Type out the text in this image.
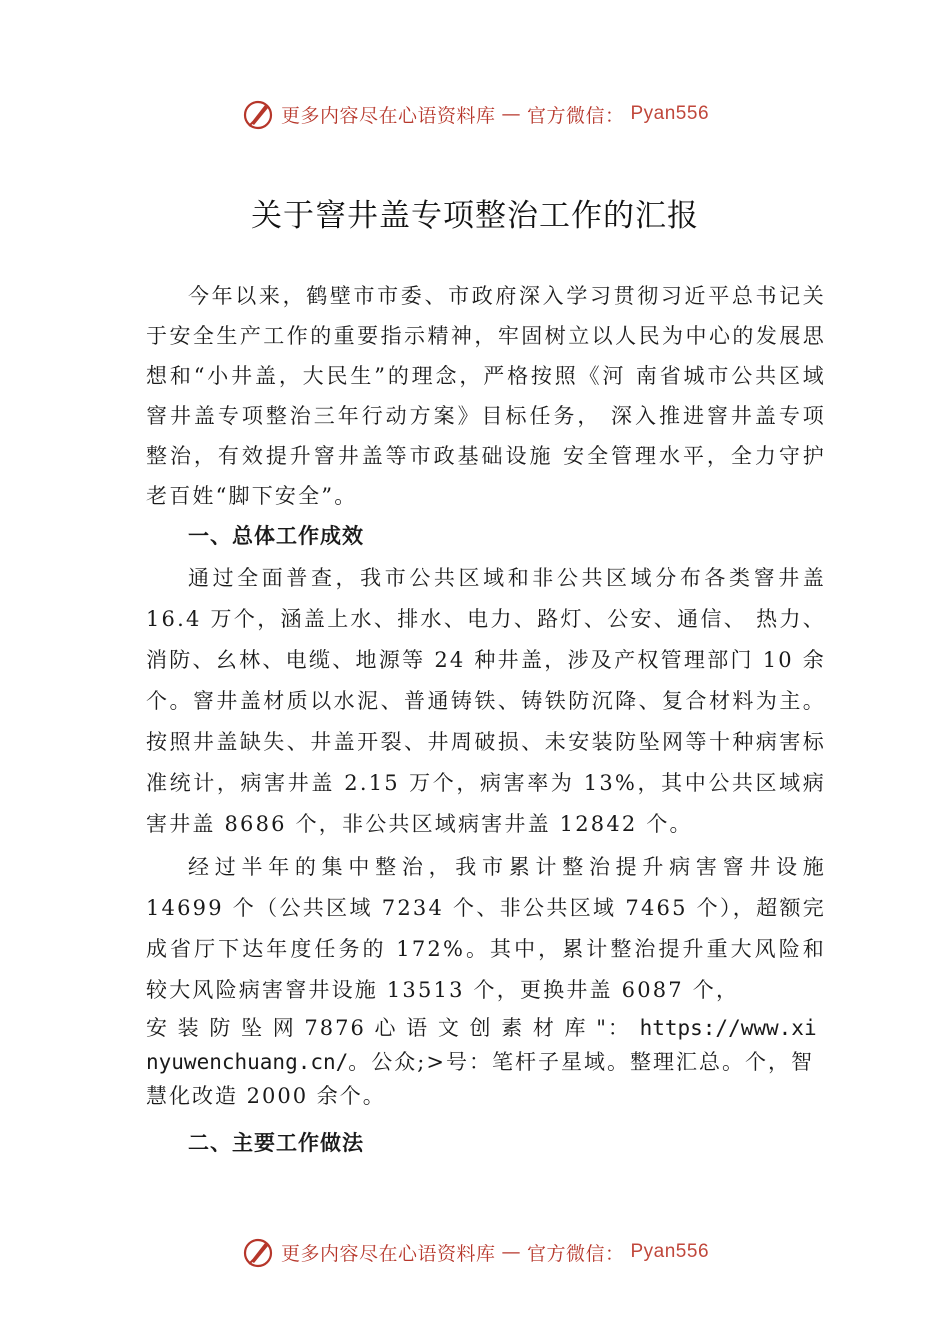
更多内容尽在心语资料库 — 官方微信： Pyan556
关于窨井盖专项整治工作的汇报

今年以来，鹤壁市市委、市政府深入学习贯彻习近平总书记关于安全生产工作的重要指示精神，牢固树立以人民为中心的发展思想和“小井盖，大民生”的理念，严格按照《河 南省城市公共区域窨井盖专项整治三年行动方案》目标任务， 深入推进窨井盖专项整治，有效提升窨井盖等市政基础设施 安全管理水平，全力守护老百姓“脚下安全”。

一、总体工作成效

通过全面普查，我市公共区域和非公共区域分布各类窨井盖 16.4 万个，涵盖上水、排水、电力、路灯、公安、通信、 热力、消防、幺林、电缆、地源等 24 种井盖，涉及产权管理部门 10 余个。窨井盖材质以水泥、普通铸铁、铸铁防沉降、复合材料为主。按照井盖缺失、井盖开裂、井周破损、未安装防坠网等十种病害标准统计，病害井盖 2.15 万个，病害率为 13%，其中公共区域病害井盖 8686 个，非公共区域病害井盖 12842 个。

经过半年的集中整治，我市累计整治提升病害窨井设施 14699 个（公共区域 7234 个、非公共区域 7465 个），超额完成省厅下达年度任务的 172%。其中，累计整治提升重大风险和较大风险病害窨井设施 13513 个，更换井盖 6087 个，

安 装 防 坠 网 7876 心 语 文 创 素 材 库 "： https://www.xinyuwenchuang.cn/。公众;>号：笔杆子星域。整理汇总。个，智慧化改造 2000 余个。

二、主要工作做法

更多内容尽在心语资料库 — 官方微信： Pyan556
